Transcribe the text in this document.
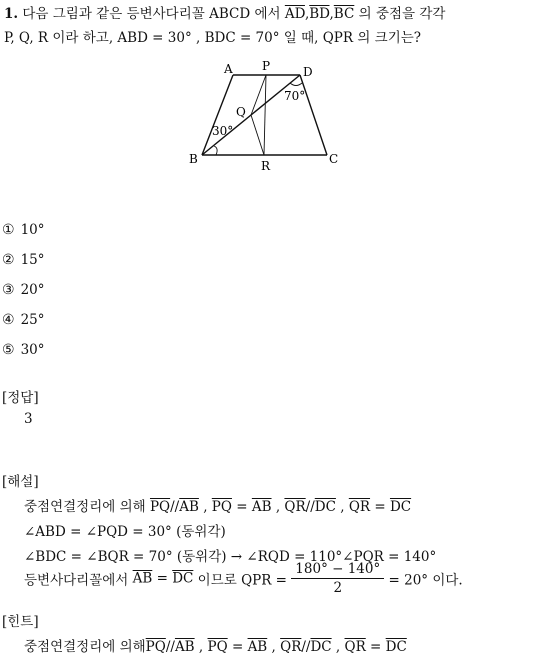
1. 다음 그림과 같은 등변사다리꼴 ABCD 에서 $\overline{AD},\overline{BD},\overline{BC}$ 의 중점을 각각
P, Q, R 이라 하고, ABD = 30° , BDC = 70° 일 때, QPR 의 크기는?
A P	D
Q
B	R	C
70°
30°
① 10°
② 15°
③ 20°
④ 25°
⑤ 30°
[정답]
3
[해설]
중점연결정리에 의해 $\overline{PQ}//\overline{AB}$ , $\overline{PQ} = \overline{AB}$ , $\overline{QR}//\overline{DC}$ , $\overline{QR} = \overline{DC}$
∠ABD = ∠PQD = 30° (동위각)
∠BDC = ∠BQR = 70° (동위각) → ∠RQD = 110°∠PQR = 140°
등변사다리꼴에서 $\overline{AB} = \overline{DC}$ 이므로 QPR = $\frac{180^\circ - 140^\circ}{2} = 20^\circ$ 이다.
[힌트]
중점연결정리에 의해$\overline{PQ}//\overline{AB}$ , $\overline{PQ} = \overline{AB}$ , $\overline{QR}//\overline{DC}$ , $\overline{QR} = \overline{DC}$
